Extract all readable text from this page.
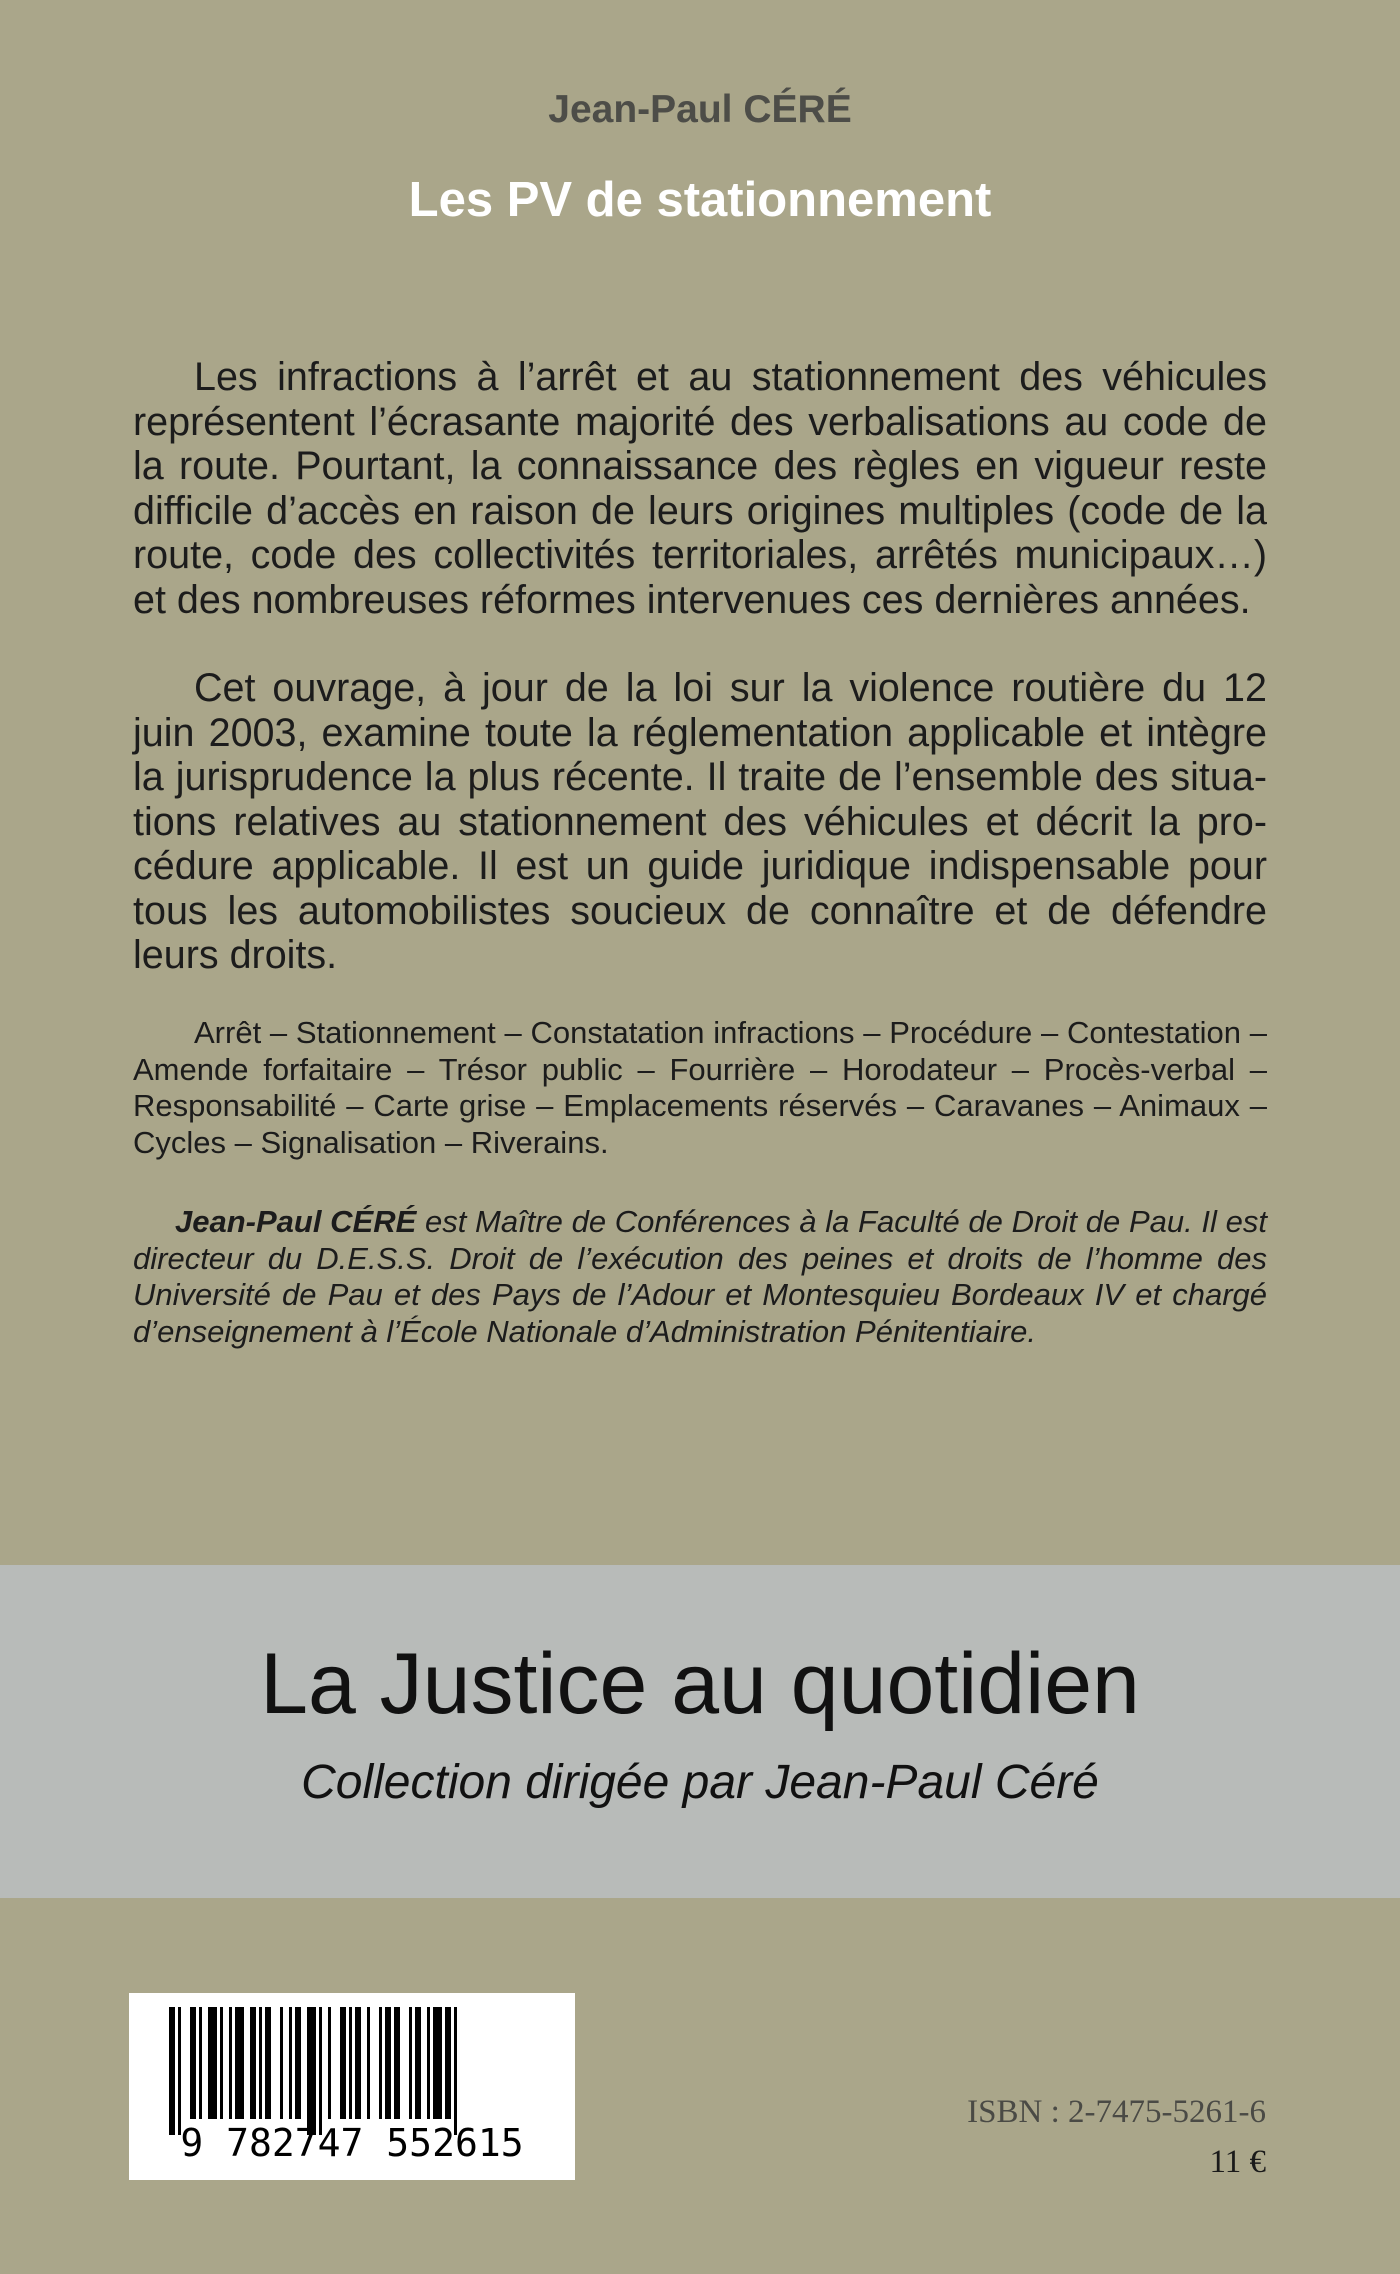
Jean-Paul CÉRÉ
Les PV de stationnement

Les infractions à l’arrêt et au stationnement des véhicules représentent l’écrasante majorité des verbalisations au code de la route. Pourtant, la connaissance des règles en vigueur reste difficile d’accès en raison de leurs origines multiples (code de la route, code des collectivités territoriales, arrêtés municipaux…) et des nombreuses réformes intervenues ces dernières années.

Cet ouvrage, à jour de la loi sur la violence routière du 12 juin 2003, examine toute la réglementation applicable et intègre la jurisprudence la plus récente. Il traite de l’ensemble des situations relatives au stationnement des véhicules et décrit la procédure applicable. Il est un guide juridique indispensable pour tous les automobilistes soucieux de connaître et de défendre leurs droits.

Arrêt – Stationnement – Constatation infractions – Procédure – Contestation – Amende forfaitaire – Trésor public – Fourrière – Horodateur – Procès-verbal – Responsabilité – Carte grise – Emplacements réservés – Caravanes – Animaux – Cycles – Signalisation – Riverains.

Jean-Paul CÉRÉ est Maître de Conférences à la Faculté de Droit de Pau. Il est directeur du D.E.S.S. Droit de l’exécution des peines et droits de l’homme des Université de Pau et des Pays de l’Adour et Montesquieu Bordeaux IV et chargé d’enseignement à l’École Nationale d’Administration Pénitentiaire.

La Justice au quotidien
Collection dirigée par Jean-Paul Céré
9 782747 552615
ISBN : 2-7475-5261-6
11 €
